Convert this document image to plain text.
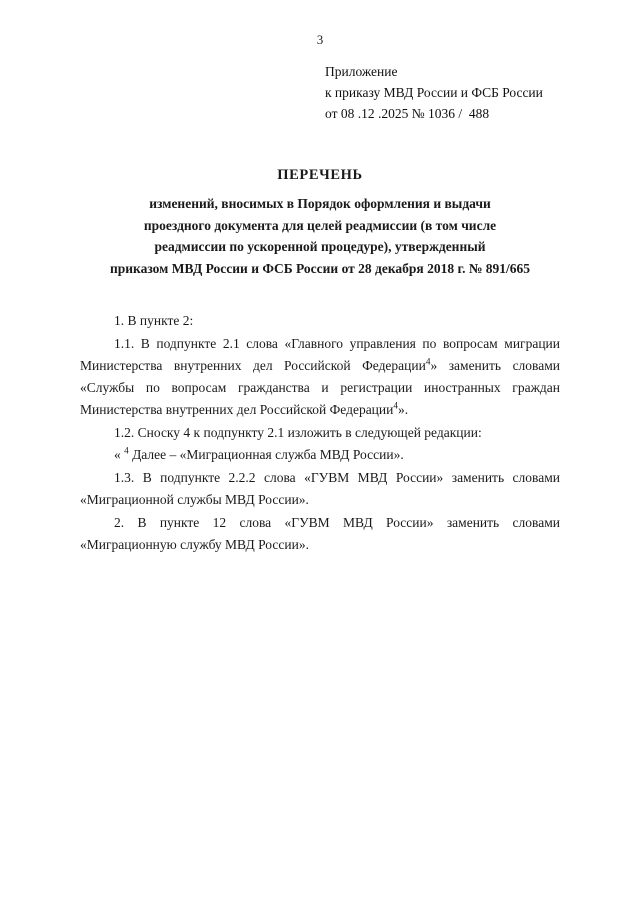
3
Приложение
к приказу МВД России и ФСБ России
от 08 .12 .2025 № 1036 /  488
ПЕРЕЧЕНЬ
изменений, вносимых в Порядок оформления и выдачи
проездного документа для целей реадмиссии (в том числе
реадмиссии по ускоренной процедуре), утвержденный
приказом МВД России и ФСБ России от 28 декабря 2018 г. № 891/665

1. В пункте 2:

1.1. В подпункте 2.1 слова «Главного управления по вопросам миграции Министерства внутренних дел Российской Федерации$^4$» заменить словами «Службы по вопросам гражданства и регистрации иностранных граждан Министерства внутренних дел Российской Федерации$^4$».

1.2. Сноску 4 к подпункту 2.1 изложить в следующей редакции:

« $^4$ Далее – «Миграционная служба МВД России».

1.3. В подпункте 2.2.2 слова «ГУВМ МВД России» заменить словами «Миграционной службы МВД России».

2. В пункте 12 слова «ГУВМ МВД России» заменить словами «Миграционную службу МВД России».
